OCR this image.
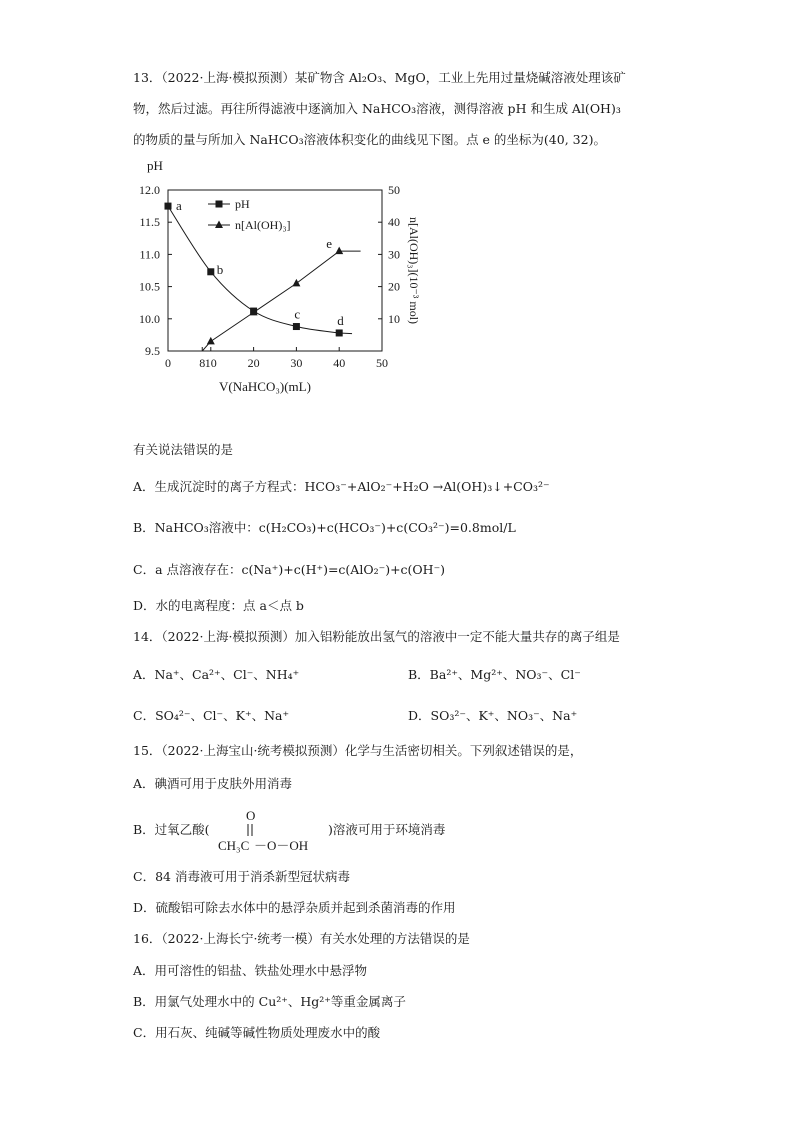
13．（2022·上海·模拟预测）某矿物含 Al₂O₃、MgO，工业上先用过量烧碱溶液处理该矿
物，然后过滤。再往所得滤液中逐滴加入 NaHCO₃溶液，测得溶液 pH 和生成 Al(OH)₃
的物质的量与所加入 NaHCO₃溶液体积变化的曲线见下图。点 e 的坐标为(40, 32)。
pH
n[Al(OH)₃](10⁻³ mol)
V(NaHCO₃)(mL)
pH
n[Al(OH)₃]
0 8 10	20	30	40	50
9.5
10.0
10.5
11.0
11.5
12.0
10
20
30
40
50
a
b
c	d
e
有关说法错误的是
A．生成沉淀时的离子方程式：HCO₃⁻+AlO₂⁻+H₂O →Al(OH)₃↓+CO₃²⁻
B．NaHCO₃溶液中：c(H₂CO₃)+c(HCO₃⁻)+c(CO₃²⁻)=0.8mol/L
C．a 点溶液存在：c(Na⁺)+c(H⁺)=c(AlO₂⁻)+c(OH⁻)
D．水的电离程度：点 a＜点 b
14．（2022·上海·模拟预测）加入铝粉能放出氢气的溶液中一定不能大量共存的离子组是
A．Na⁺、Ca²⁺、Cl⁻、NH₄⁺	B．Ba²⁺、Mg²⁺、NO₃⁻、Cl⁻
C．SO₄²⁻、Cl⁻、K⁺、Na⁺	D．SO₃²⁻、K⁺、NO₃⁻、Na⁺
15．（2022·上海宝山·统考模拟预测）化学与生活密切相关。下列叙述错误的是，
A．碘酒可用于皮肤外用消毒
B．过氧乙酸(
O
CH₃C －O－OH
)溶液可用于环境消毒
C．84 消毒液可用于消杀新型冠状病毒
D．硫酸铝可除去水体中的悬浮杂质并起到杀菌消毒的作用
16．（2022·上海长宁·统考一模）有关水处理的方法错误的是
A．用可溶性的铝盐、铁盐处理水中悬浮物
B．用氯气处理水中的 Cu²⁺、Hg²⁺等重金属离子
C．用石灰、纯碱等碱性物质处理废水中的酸
